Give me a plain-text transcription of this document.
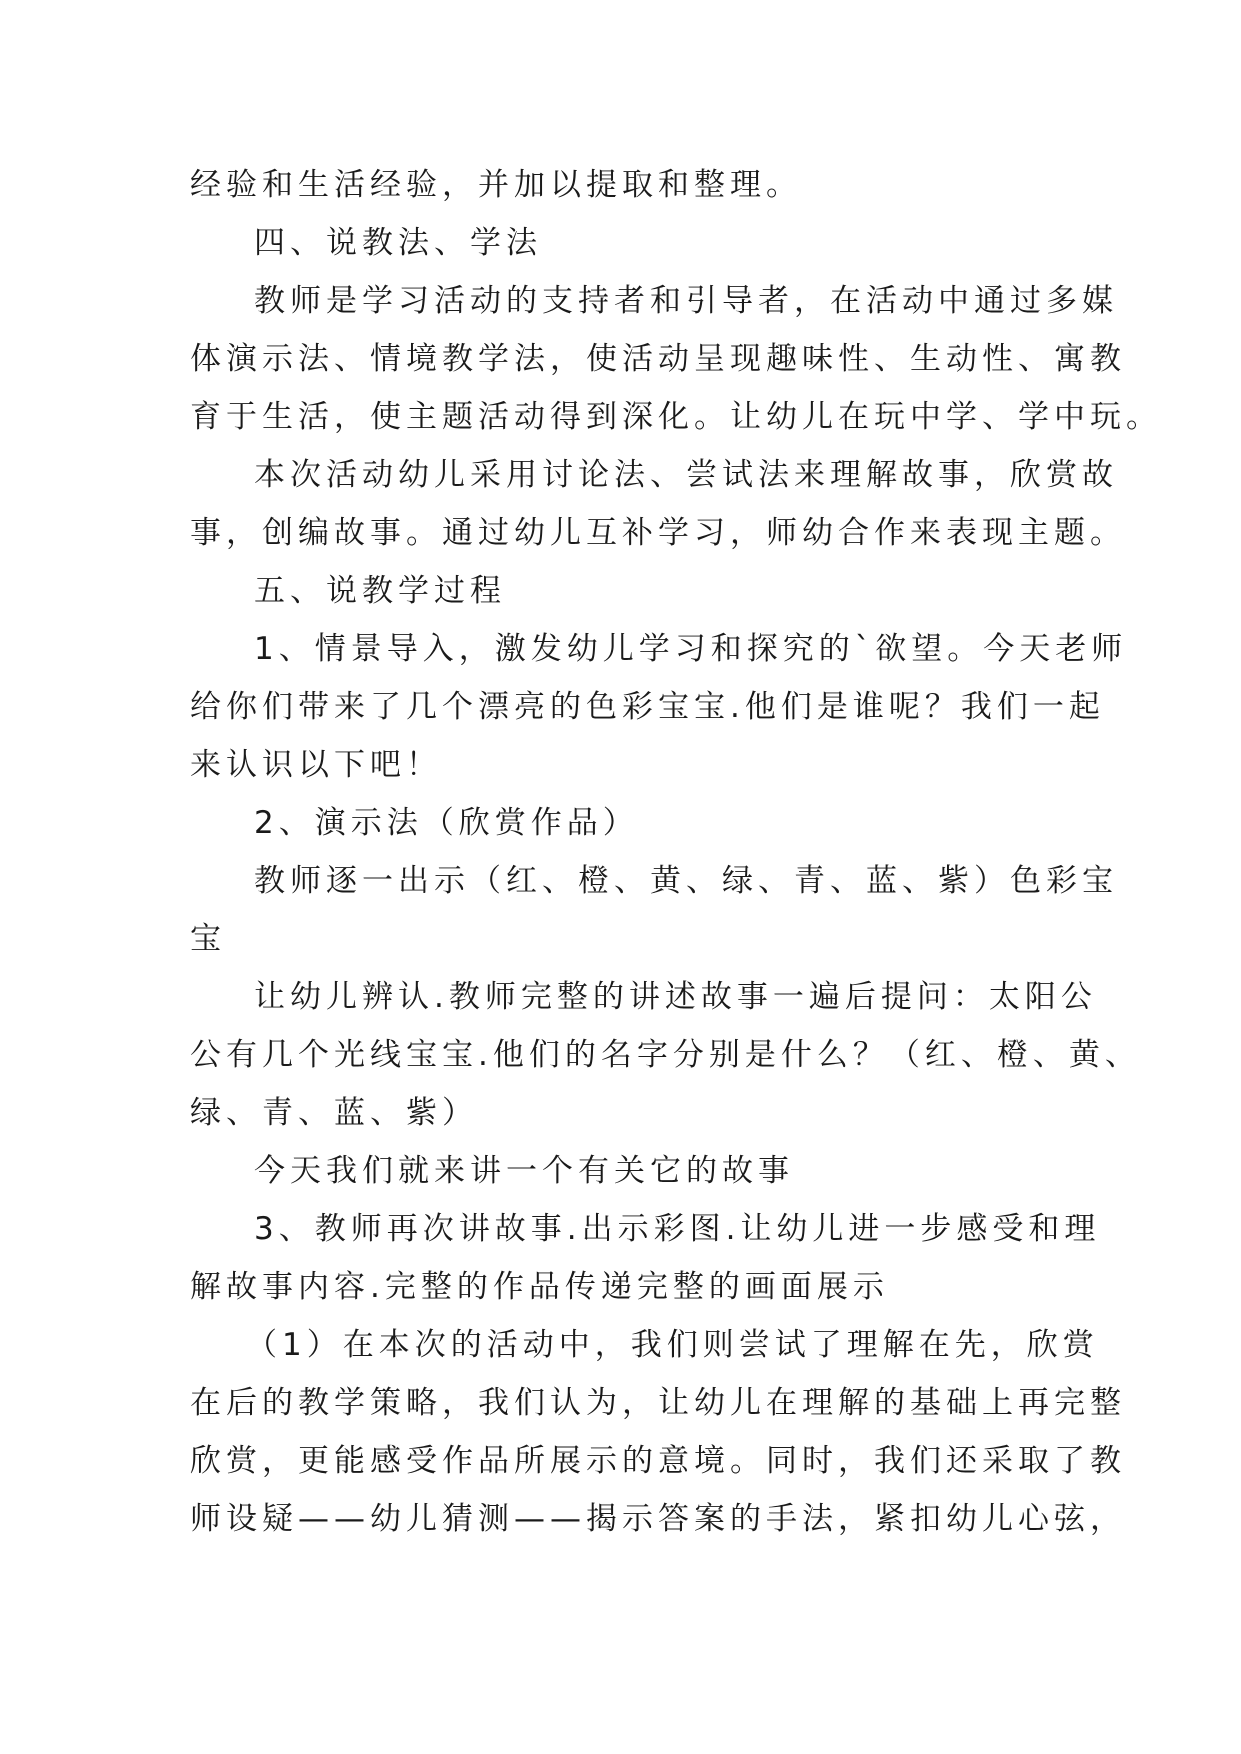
经验和生活经验，并加以提取和整理。
四、说教法、学法
教师是学习活动的支持者和引导者，在活动中通过多媒
体演示法、情境教学法，使活动呈现趣味性、生动性、寓教
育于生活，使主题活动得到深化。让幼儿在玩中学、学中玩。
本次活动幼儿采用讨论法、尝试法来理解故事，欣赏故
事，创编故事。通过幼儿互补学习，师幼合作来表现主题。
五、说教学过程
1、情景导入，激发幼儿学习和探究的`欲望。今天老师
给你们带来了几个漂亮的色彩宝宝.他们是谁呢？我们一起
来认识以下吧！
2、演示法（欣赏作品）
教师逐一出示（红、橙、黄、绿、青、蓝、紫）色彩宝
宝
让幼儿辨认.教师完整的讲述故事一遍后提问：太阳公
公有几个光线宝宝.他们的名字分别是什么？（红、橙、黄、
绿、青、蓝、紫）
今天我们就来讲一个有关它的故事
3、教师再次讲故事.出示彩图.让幼儿进一步感受和理
解故事内容.完整的作品传递完整的画面展示
（1）在本次的活动中，我们则尝试了理解在先，欣赏
在后的教学策略，我们认为，让幼儿在理解的基础上再完整
欣赏，更能感受作品所展示的意境。同时，我们还采取了教
师设疑——幼儿猜测——揭示答案的手法，紧扣幼儿心弦，
